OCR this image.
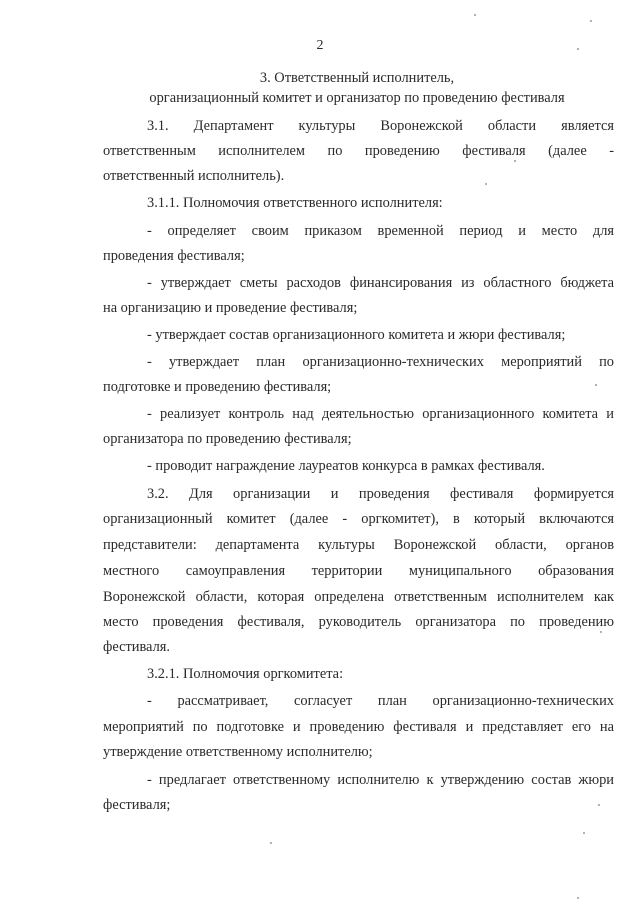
2
3. Ответственный исполнитель,
организационный комитет и организатор по проведению фестиваля
3.1. Департамент культуры Воронежской области является
ответственным исполнителем по проведению фестиваля (далее -
ответственный исполнитель).
3.1.1. Полномочия ответственного исполнителя:
- определяет своим приказом временной период и место для
проведения фестиваля;
- утверждает сметы расходов финансирования из областного бюджета
на организацию и проведение фестиваля;
- утверждает состав организационного комитета и жюри фестиваля;
- утверждает план организационно-технических мероприятий по
подготовке и проведению фестиваля;
- реализует контроль над деятельностью организационного комитета и
организатора по проведению фестиваля;
- проводит награждение лауреатов конкурса в рамках фестиваля.
3.2. Для организации и проведения фестиваля формируется
организационный комитет (далее - оргкомитет), в который включаются
представители: департамента культуры Воронежской области, органов
местного самоуправления территории муниципального образования
Воронежской области, которая определена ответственным исполнителем как
место проведения фестиваля, руководитель организатора по проведению
фестиваля.
3.2.1. Полномочия оргкомитета:
- рассматривает, согласует план организационно-технических
мероприятий по подготовке и проведению фестиваля и представляет его на
утверждение ответственному исполнителю;
- предлагает ответственному исполнителю к утверждению состав жюри
фестиваля;
